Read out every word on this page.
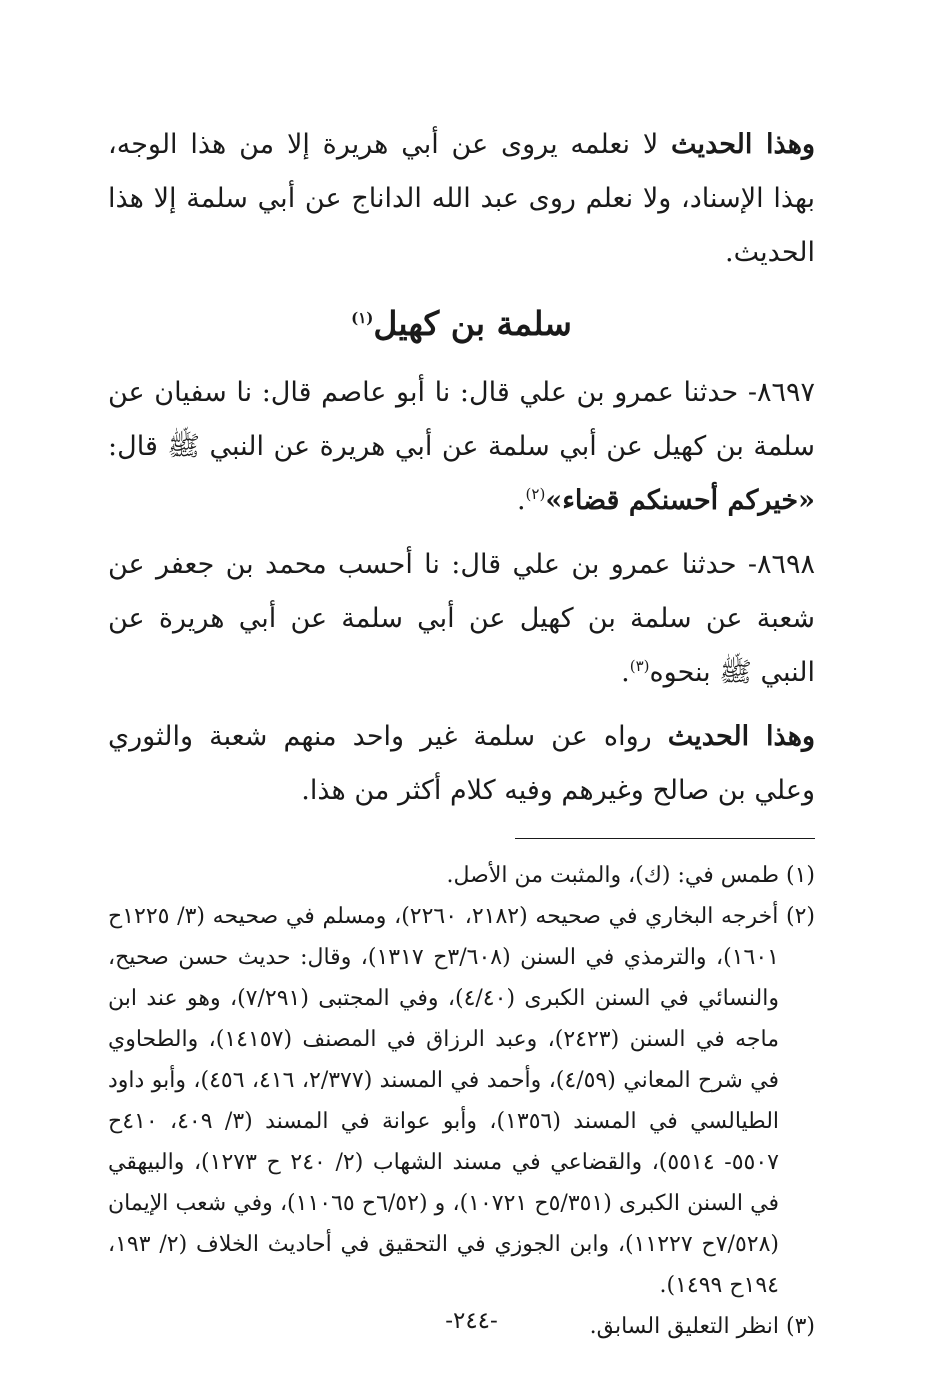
وهذا الحديث لا نعلمه يروى عن أبي هريرة إلا من هذا الوجه، بهذا الإسناد، ولا نعلم روى عبد الله الداناج عن أبي سلمة إلا هذا الحديث.

سلمة بن كهيل$^{(١)}$

٨٦٩٧- حدثنا عمرو بن علي قال: نا أبو عاصم قال: نا سفيان عن سلمة بن كهيل عن أبي سلمة عن أبي هريرة عن النبي ﷺ قال: «خيركم أحسنكم قضاء»$^{(٢)}$.

٨٦٩٨- حدثنا عمرو بن علي قال: نا أحسب محمد بن جعفر عن شعبة عن سلمة بن كهيل عن أبي سلمة عن أبي هريرة عن النبي ﷺ بنحوه$^{(٣)}$.

وهذا الحديث رواه عن سلمة غير واحد منهم شعبة والثوري وعلي بن صالح وغيرهم وفيه كلام أكثر من هذا.

(١) طمس في: (ك)، والمثبت من الأصل.

(٢) أخرجه البخاري في صحيحه (٢١٨٢، ٢٢٦٠)، ومسلم في صحيحه (٣/ ١٢٢٥ح ١٦٠١)، والترمذي في السنن (٣/٦٠٨ح ١٣١٧)، وقال: حديث حسن صحيح، والنسائي في السنن الكبرى (٤/٤٠)، وفي المجتبى (٧/٢٩١)، وهو عند ابن ماجه في السنن (٢٤٢٣)، وعبد الرزاق في المصنف (١٤١٥٧)، والطحاوي في شرح المعاني (٤/٥٩)، وأحمد في المسند (٢/٣٧٧، ٤١٦، ٤٥٦)، وأبو داود الطيالسي في المسند (١٣٥٦)، وأبو عوانة في المسند (٣/ ٤٠٩، ٤١٠ح ٥٥٠٧- ٥٥١٤)، والقضاعي في مسند الشهاب (٢/ ٢٤٠ ح ١٢٧٣)، والبيهقي في السنن الكبرى (٥/٣٥١ح ١٠٧٢١)، و (٦/٥٢ح ١١٠٦٥)، وفي شعب الإيمان (٧/٥٢٨ح ١١٢٢٧)، وابن الجوزي في التحقيق في أحاديث الخلاف (٢/ ١٩٣، ١٩٤ح ١٤٩٩).

(٣) انظر التعليق السابق.

-٢٤٤-
